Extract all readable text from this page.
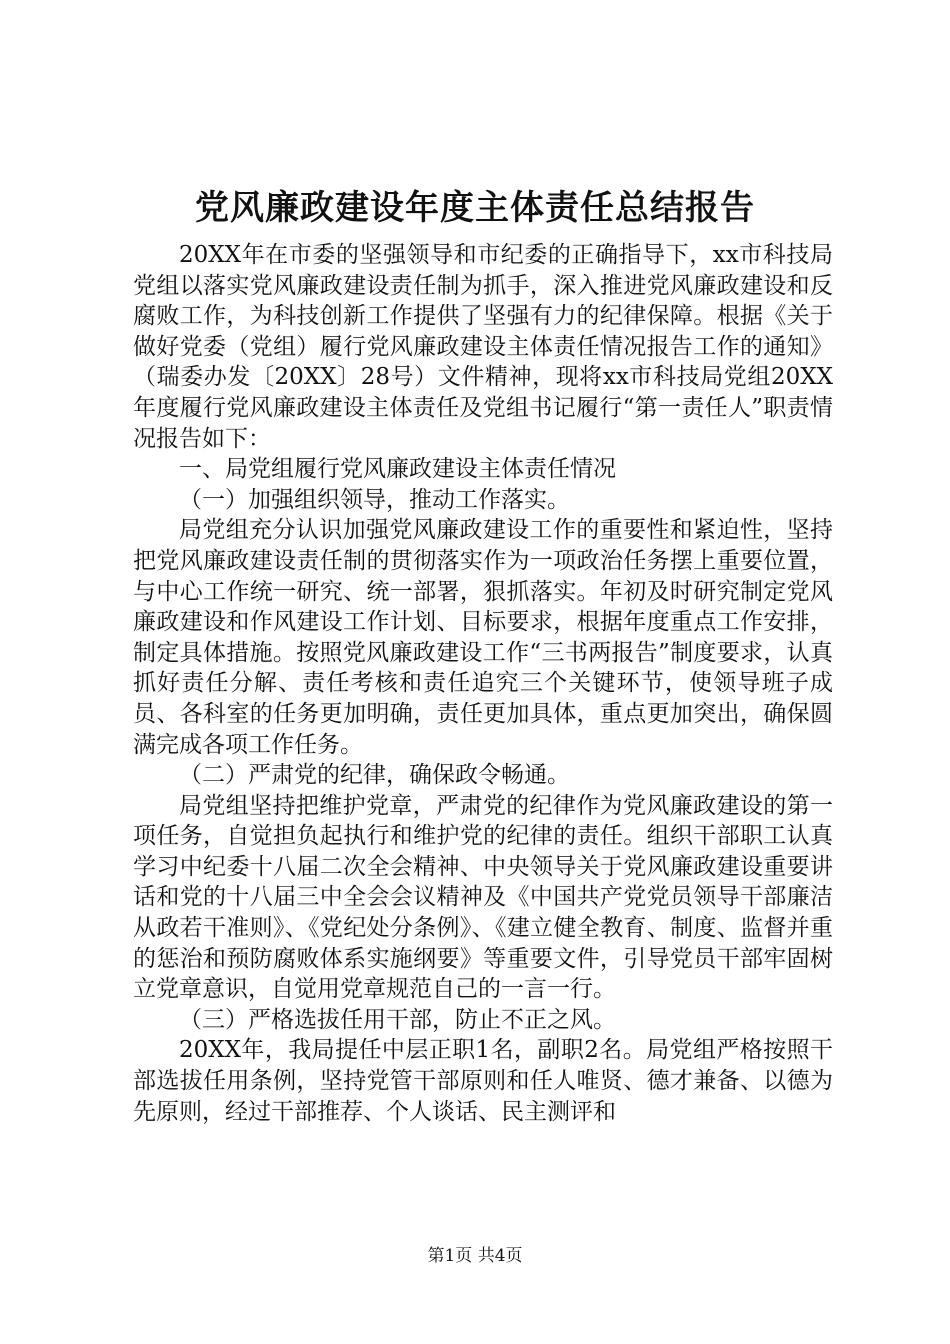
党风廉政建设年度主体责任总结报告

20XX年在市委的坚强领导和市纪委的正确指导下，xx市科技局党组以落实党风廉政建设责任制为抓手，深入推进党风廉政建设和反腐败工作，为科技创新工作提供了坚强有力的纪律保障。根据《关于做好党委（党组）履行党风廉政建设主体责任情况报告工作的通知》（瑞委办发〔20XX〕28号）文件精神，现将xx市科技局党组20XX年度履行党风廉政建设主体责任及党组书记履行“第一责任人”职责情况报告如下：

一、局党组履行党风廉政建设主体责任情况

（一）加强组织领导，推动工作落实。

局党组充分认识加强党风廉政建设工作的重要性和紧迫性，坚持把党风廉政建设责任制的贯彻落实作为一项政治任务摆上重要位置，与中心工作统一研究、统一部署，狠抓落实。年初及时研究制定党风廉政建设和作风建设工作计划、目标要求，根据年度重点工作安排，制定具体措施。按照党风廉政建设工作“三书两报告”制度要求，认真抓好责任分解、责任考核和责任追究三个关键环节，使领导班子成员、各科室的任务更加明确，责任更加具体，重点更加突出，确保圆满完成各项工作任务。

（二）严肃党的纪律，确保政令畅通。

局党组坚持把维护党章，严肃党的纪律作为党风廉政建设的第一项任务，自觉担负起执行和维护党的纪律的责任。组织干部职工认真学习中纪委十八届二次全会精神、中央领导关于党风廉政建设重要讲话和党的十八届三中全会会议精神及《中国共产党党员领导干部廉洁从政若干准则》、《党纪处分条例》、《建立健全教育、制度、监督并重的惩治和预防腐败体系实施纲要》等重要文件，引导党员干部牢固树立党章意识，自觉用党章规范自己的一言一行。

（三）严格选拔任用干部，防止不正之风。

20XX年，我局提任中层正职1名，副职2名。局党组严格按照干部选拔任用条例，坚持党管干部原则和任人唯贤、德才兼备、以德为先原则，经过干部推荐、个人谈话、民主测评和

第1页 共4页
